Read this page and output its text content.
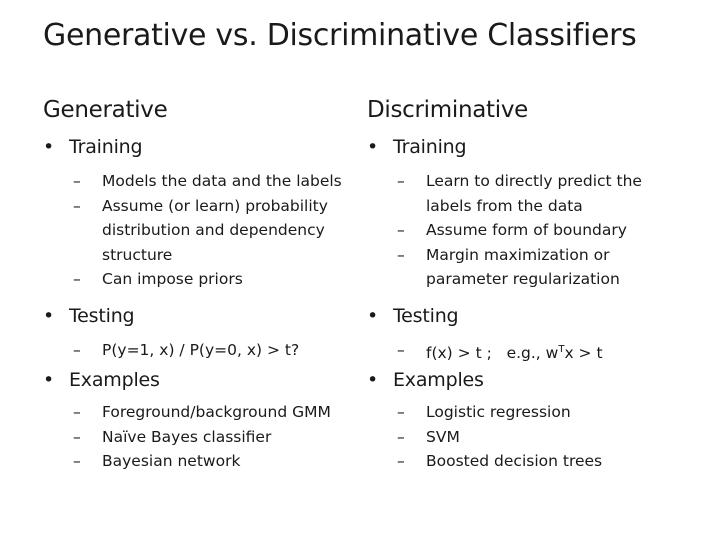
Generative vs. Discriminative Classifiers
Generative
• Training
– Models the data and the labels
– Assume (or learn) probability distribution and dependency structure
– Can impose priors
• Testing
– P(y=1, x) / P(y=0, x) > t?
• Examples
– Foreground/background GMM
– Naïve Bayes classifier
– Bayesian network
Discriminative
• Training
– Learn to directly predict the labels from the data
– Assume form of boundary
– Margin maximization or parameter regularization
• Testing
– f(x) > t ;   e.g., $w^Tx > t$
• Examples
– Logistic regression
– SVM
– Boosted decision trees
